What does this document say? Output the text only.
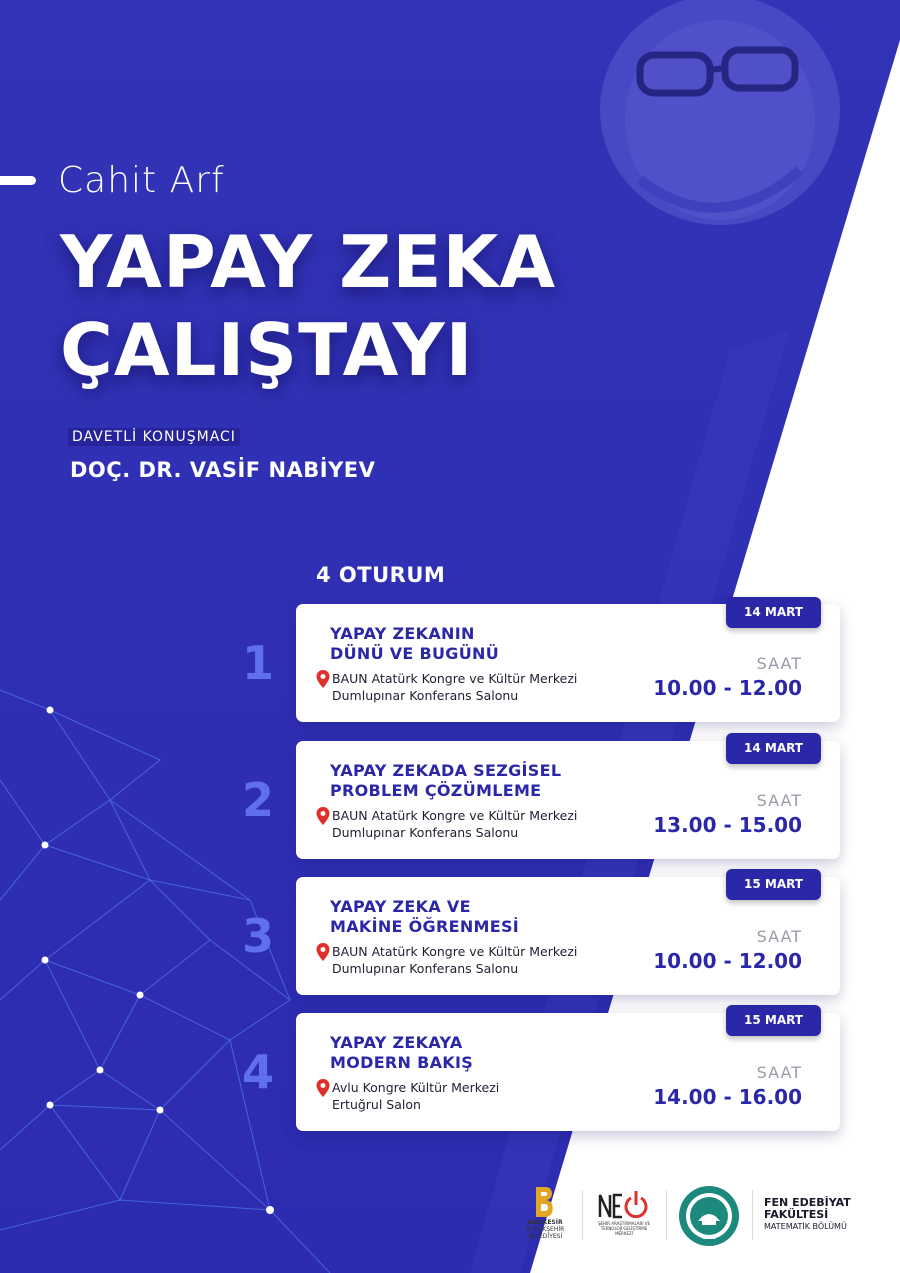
Cahit Arf
YAPAY ZEKA
ÇALIŞTAYI
DAVETLİ KONUŞMACI
DOÇ. DR. VASİF NABİYEV
4 OTURUM
1
YAPAY ZEKANIN
DÜNÜ VE BUGÜNÜ
BAUN Atatürk Kongre ve Kültür Merkezi
Dumlupınar Konferans Salonu
SAAT
10.00 - 12.00
14 MART
2
YAPAY ZEKADA SEZGİSEL
PROBLEM ÇÖZÜMLEME
BAUN Atatürk Kongre ve Kültür Merkezi
Dumlupınar Konferans Salonu
SAAT
13.00 - 15.00
14 MART
3
YAPAY ZEKA VE
MAKİNE ÖĞRENMESİ
BAUN Atatürk Kongre ve Kültür Merkezi
Dumlupınar Konferans Salonu
SAAT
10.00 - 12.00
15 MART
4
YAPAY ZEKAYA
MODERN BAKIŞ
Avlu Kongre Kültür Merkezi
Ertuğrul Salon
SAAT
14.00 - 16.00
15 MART
BALIKESİR
BÜYÜKŞEHİR
BELEDİYESİ
ŞEHİR ARAŞTIRMALARI VE
TEKNOLOJİ GELİŞTİRME MERKEZİ
1992
FEN EDEBİYAT
FAKÜLTESİ
MATEMATİK BÖLÜMÜ
